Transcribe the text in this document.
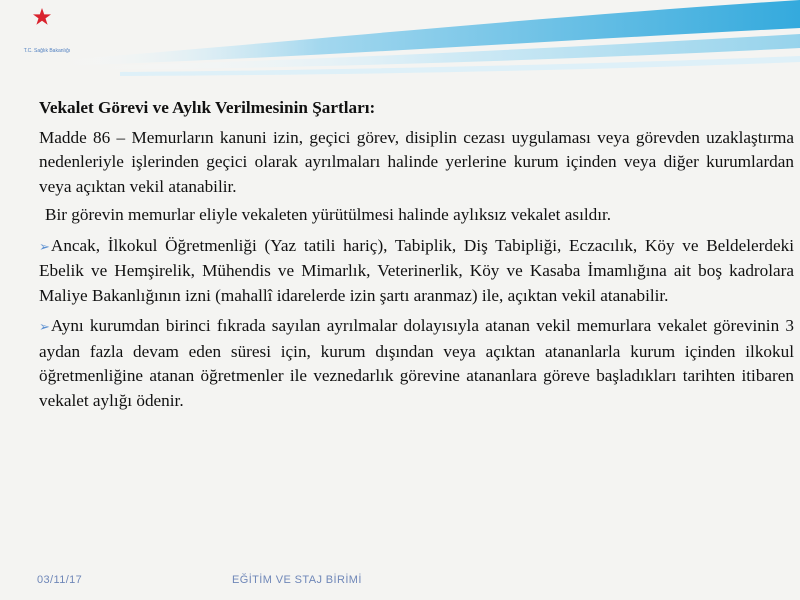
T.C. Sağlık Bakanlığı

Vekalet Görevi ve Aylık Verilmesinin Şartları:

Madde 86 – Memurların kanuni izin, geçici görev, disiplin cezası uygulaması veya görevden uzaklaştırma nedenleriyle işlerinden geçici olarak ayrılmaları halinde yerlerine kurum içinden veya diğer kurumlardan veya açıktan vekil atanabilir.

Bir görevin memurlar eliyle vekaleten yürütülmesi halinde aylıksız vekalet asıldır.

➢Ancak, İlkokul Öğretmenliği (Yaz tatili hariç), Tabiplik, Diş Tabipliği, Eczacılık, Köy ve Beldelerdeki Ebelik ve Hemşirelik, Mühendis ve Mimarlık, Veterinerlik, Köy ve Kasaba İmamlığına ait boş kadrolara Maliye Bakanlığının izni (mahallî idarelerde izin şartı aranmaz) ile, açıktan vekil atanabilir.

➢Aynı kurumdan birinci fıkrada sayılan ayrılmalar dolayısıyla atanan vekil memurlara vekalet görevinin 3 aydan fazla devam eden süresi için, kurum dışından veya açıktan atananlarla kurum içinden ilkokul öğretmenliğine atanan öğretmenler ile veznedarlık görevine atananlara göreve başladıkları tarihten itibaren vekalet aylığı ödenir.

03/11/17	EĞİTİM VE STAJ BİRİMİ
